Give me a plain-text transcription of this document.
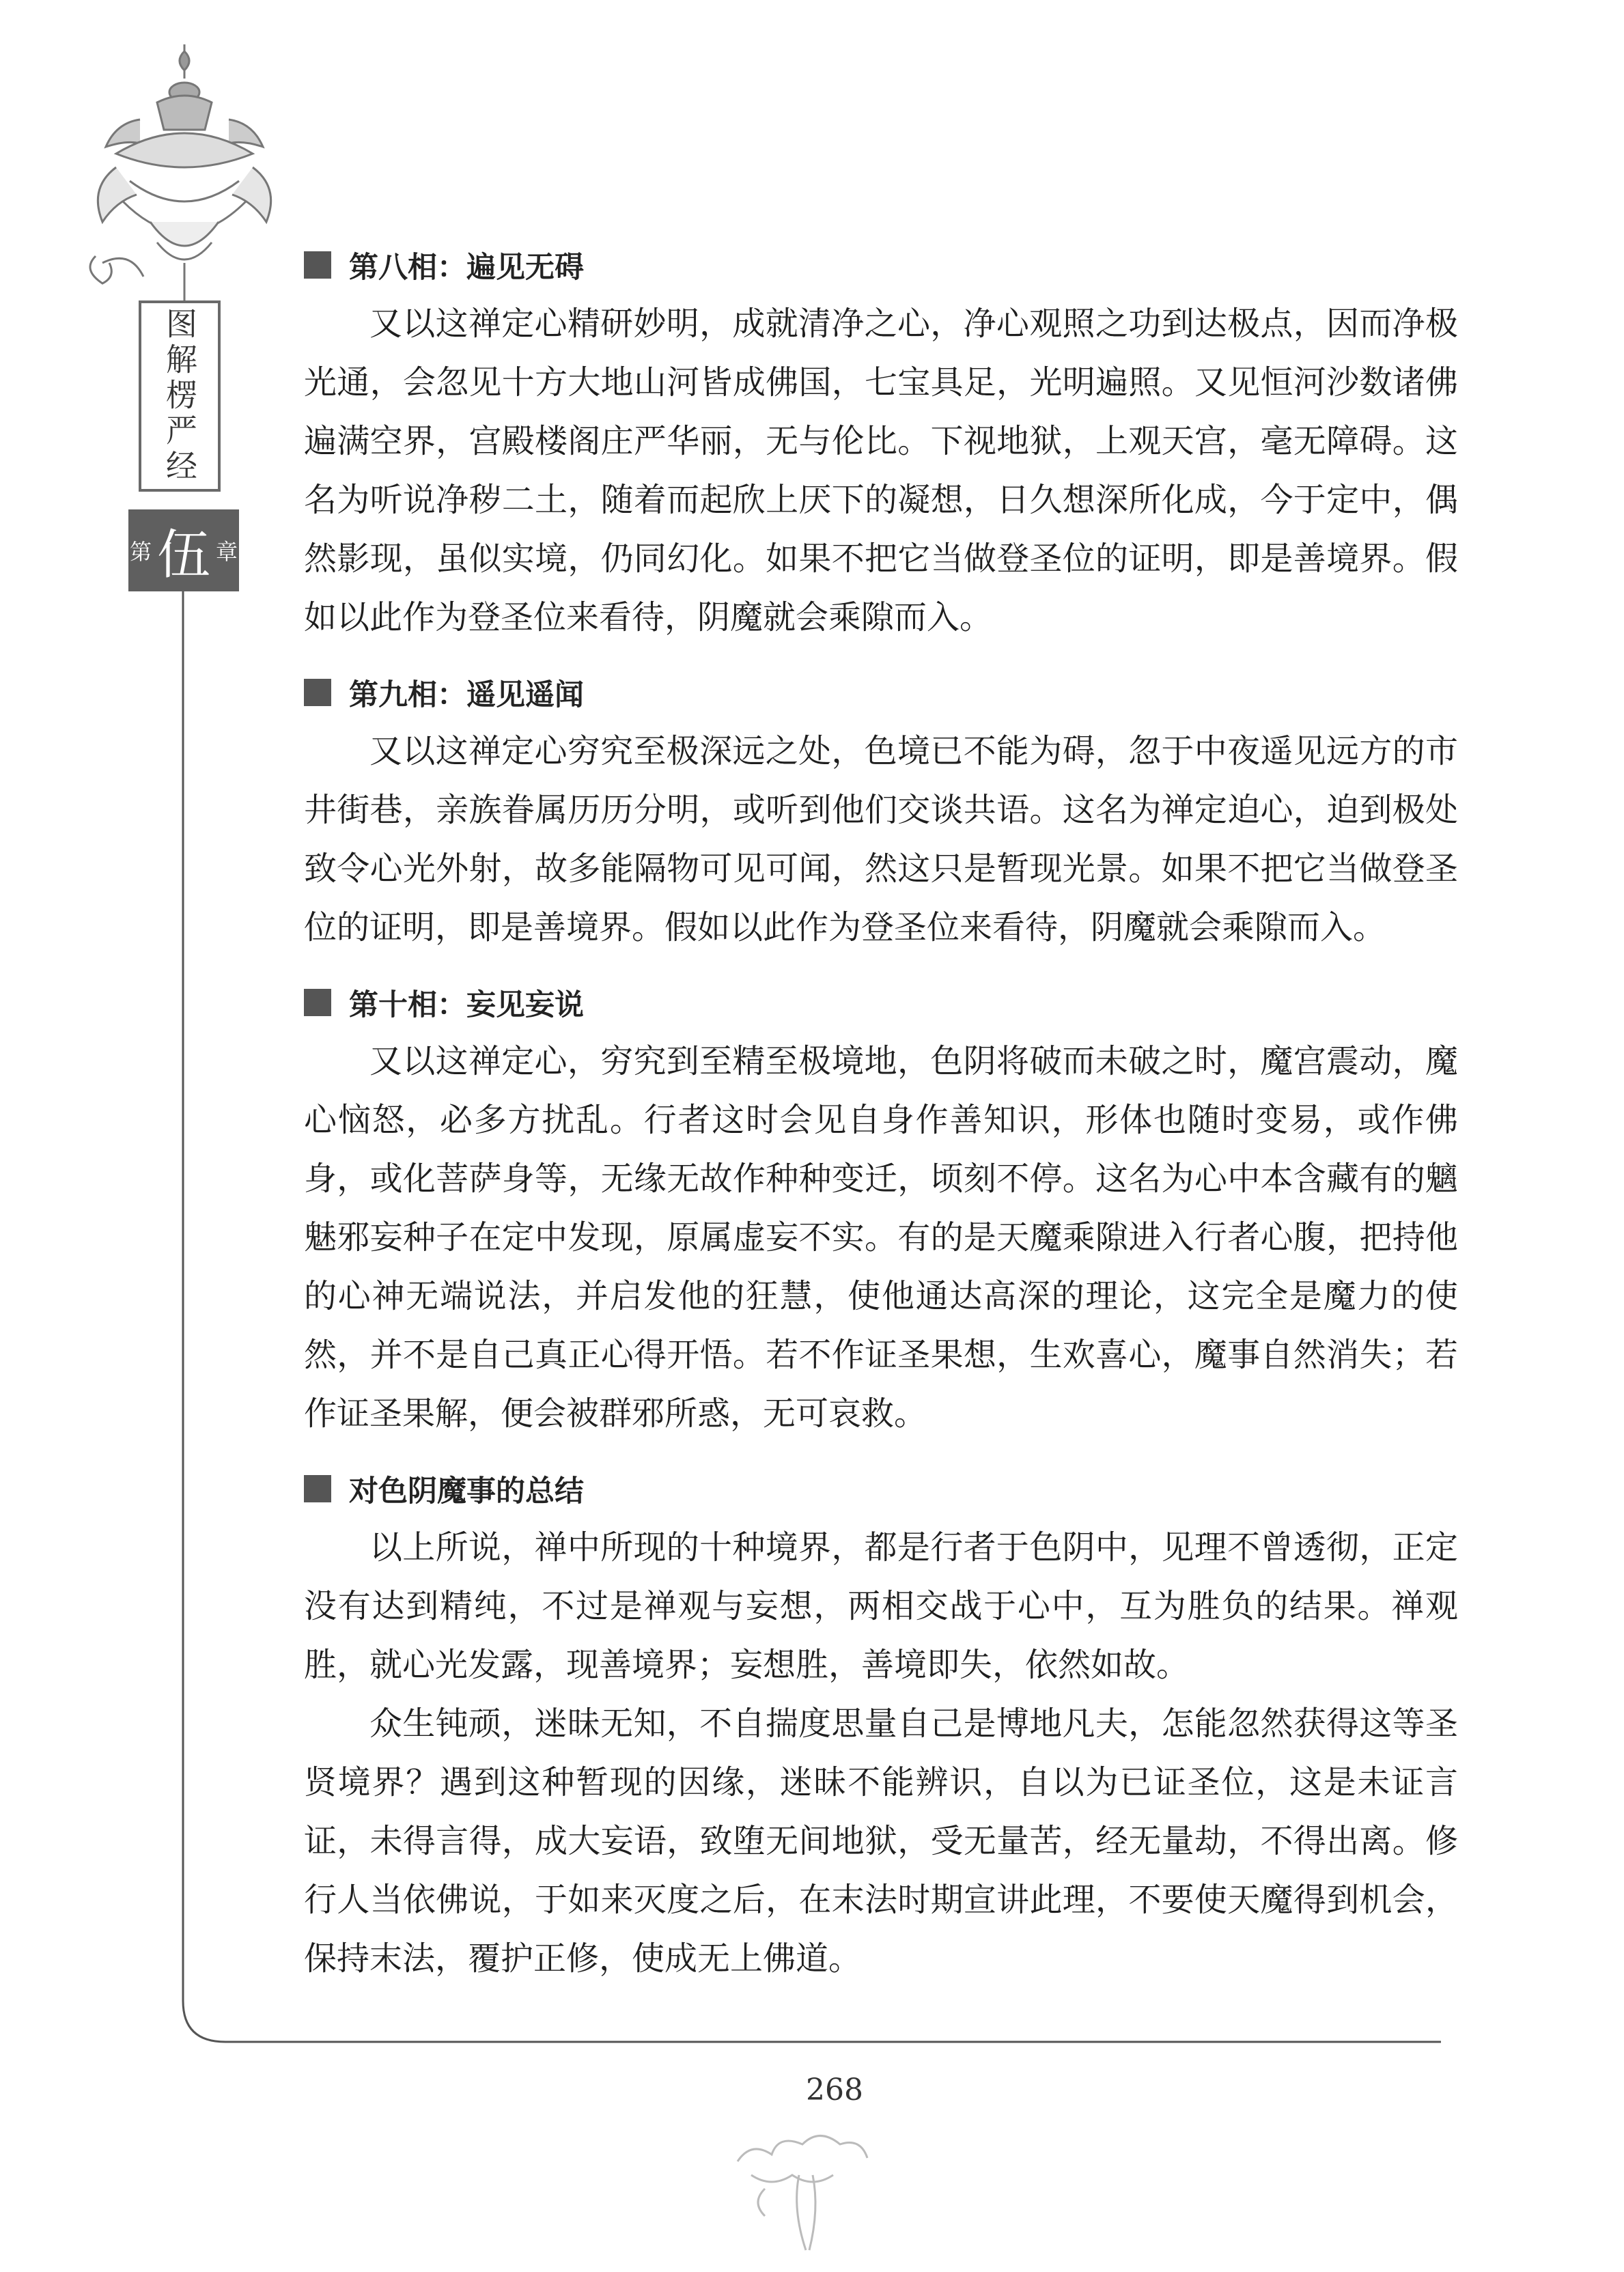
图解楞严经
第 伍 章
第八相：遍见无碍

又以这禅定心精研妙明，成就清净之心，净心观照之功到达极点，因而净极光通，会忽见十方大地山河皆成佛国，七宝具足，光明遍照。又见恒河沙数诸佛遍满空界，宫殿楼阁庄严华丽，无与伦比。下视地狱，上观天宫，毫无障碍。这名为听说净秽二土，随着而起欣上厌下的凝想，日久想深所化成，今于定中，偶然影现，虽似实境，仍同幻化。如果不把它当做登圣位的证明，即是善境界。假如以此作为登圣位来看待，阴魔就会乘隙而入。

第九相：遥见遥闻

又以这禅定心穷究至极深远之处，色境已不能为碍，忽于中夜遥见远方的市井街巷，亲族眷属历历分明，或听到他们交谈共语。这名为禅定迫心，迫到极处致令心光外射，故多能隔物可见可闻，然这只是暂现光景。如果不把它当做登圣位的证明，即是善境界。假如以此作为登圣位来看待，阴魔就会乘隙而入。

第十相：妄见妄说

又以这禅定心，穷究到至精至极境地，色阴将破而未破之时，魔宫震动，魔心恼怒，必多方扰乱。行者这时会见自身作善知识，形体也随时变易，或作佛身，或化菩萨身等，无缘无故作种种变迁，顷刻不停。这名为心中本含藏有的魑魅邪妄种子在定中发现，原属虚妄不实。有的是天魔乘隙进入行者心腹，把持他的心神无端说法，并启发他的狂慧，使他通达高深的理论，这完全是魔力的使然，并不是自己真正心得开悟。若不作证圣果想，生欢喜心，魔事自然消失；若作证圣果解，便会被群邪所惑，无可哀救。

对色阴魔事的总结

以上所说，禅中所现的十种境界，都是行者于色阴中，见理不曾透彻，正定没有达到精纯，不过是禅观与妄想，两相交战于心中，互为胜负的结果。禅观胜，就心光发露，现善境界；妄想胜，善境即失，依然如故。

众生钝顽，迷昧无知，不自揣度思量自己是博地凡夫，怎能忽然获得这等圣贤境界？遇到这种暂现的因缘，迷昧不能辨识，自以为已证圣位，这是未证言证，未得言得，成大妄语，致堕无间地狱，受无量苦，经无量劫，不得出离。修行人当依佛说，于如来灭度之后，在末法时期宣讲此理，不要使天魔得到机会，保持末法，覆护正修，使成无上佛道。

268
